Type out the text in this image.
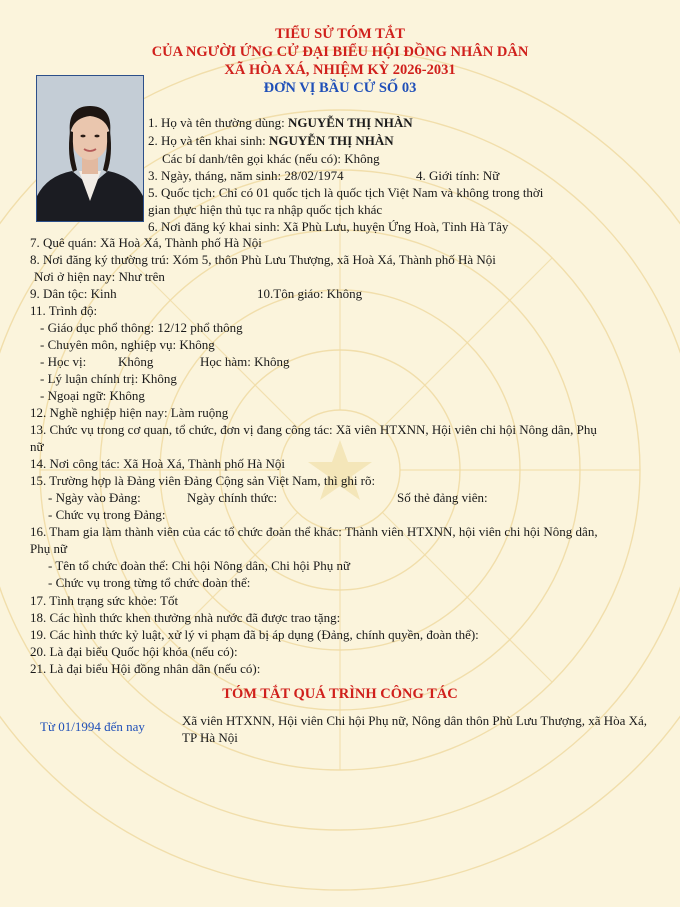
TIỂU SỬ TÓM TẮT
CỦA NGƯỜI ỨNG CỬ ĐẠI BIỂU HỘI ĐỒNG NHÂN DÂN
XÃ HÒA XÁ, NHIỆM KỲ 2026-2031
ĐƠN VỊ BẦU CỬ SỐ 03
1. Họ và tên thường dùng: NGUYỄN THỊ NHÀN
2. Họ và tên khai sinh: NGUYỄN THỊ NHÀN
Các bí danh/tên gọi khác (nếu có): Không
3. Ngày, tháng, năm sinh: 28/02/1974	4. Giới tính: Nữ
5. Quốc tịch: Chỉ có 01 quốc tịch là quốc tịch Việt Nam và không trong thời
gian thực hiện thủ tục ra nhập quốc tịch khác
6. Nơi đăng ký khai sinh: Xã Phù Lưu, huyện Ứng Hoà, Tỉnh Hà Tây
7. Quê quán: Xã Hoà Xá, Thành phố Hà Nội
8. Nơi đăng ký thường trú: Xóm 5, thôn Phù Lưu Thượng, xã Hoà Xá, Thành phố Hà Nội
Nơi ở hiện nay: Như trên
9. Dân tộc: Kinh	10.Tôn giáo: Không
11. Trình độ:
- Giáo dục phổ thông: 12/12 phổ thông
- Chuyên môn, nghiệp vụ: Không
- Học vị: Không	Học hàm: Không
- Lý luận chính trị: Không
- Ngoại ngữ: Không
12. Nghề nghiệp hiện nay: Làm ruộng
13. Chức vụ trong cơ quan, tổ chức, đơn vị đang công tác: Xã viên HTXNN, Hội viên chi hội Nông dân, Phụ
nữ
14. Nơi công tác: Xã Hoà Xá, Thành phố Hà Nội
15. Trường hợp là Đảng viên Đảng Cộng sản Việt Nam, thì ghi rõ:
- Ngày vào Đảng:	Ngày chính thức:	Số thẻ đảng viên:
- Chức vụ trong Đảng:
16. Tham gia làm thành viên của các tổ chức đoàn thể khác: Thành viên HTXNN, hội viên chi hội Nông dân,
Phụ nữ
- Tên tổ chức đoàn thể: Chi hội Nông dân, Chi hội Phụ nữ
- Chức vụ trong từng tổ chức đoàn thể:
17. Tình trạng sức khỏe: Tốt
18. Các hình thức khen thưởng nhà nước đã được trao tặng:
19. Các hình thức kỷ luật, xử lý vi phạm đã bị áp dụng (Đảng, chính quyền, đoàn thể):
20. Là đại biểu Quốc hội khóa (nếu có):
21. Là đại biểu Hội đồng nhân dân (nếu có):
TÓM TẮT QUÁ TRÌNH CÔNG TÁC
Từ 01/1994 đến nay	Xã viên HTXNN, Hội viên Chi hội Phụ nữ, Nông dân thôn Phù Lưu Thượng, xã Hòa Xá, TP Hà Nội
